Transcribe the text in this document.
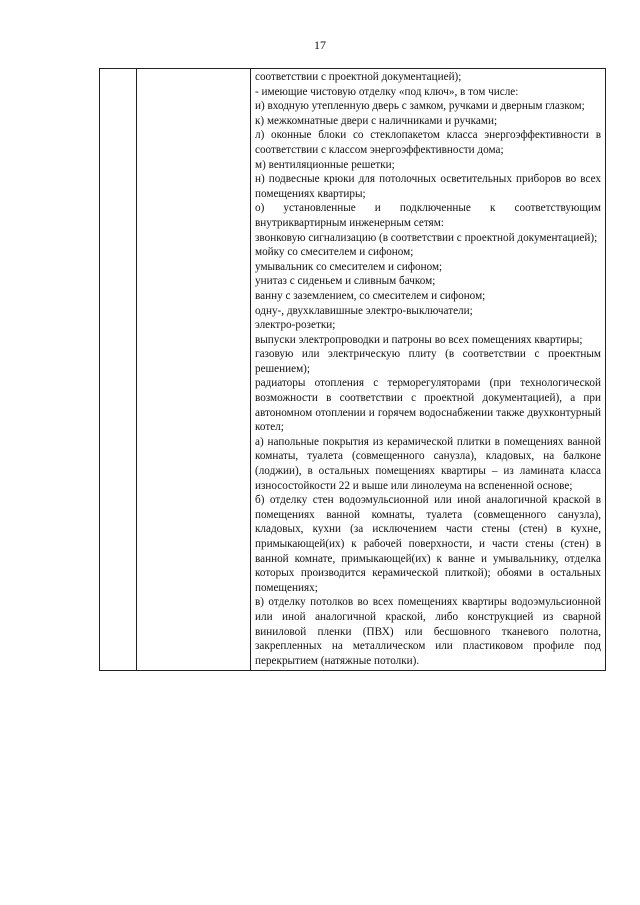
17

соответствии с проектной документацией);

- имеющие чистовую отделку «под ключ», в том числе:

и) входную утепленную дверь с замком, ручками и дверным глазком;

к) межкомнатные двери с наличниками и ручками;

л) оконные блоки со стеклопакетом класса энергоэффективности в соответствии с классом энергоэффективности дома;

м) вентиляционные решетки;

н) подвесные крюки для потолочных осветительных приборов во всех помещениях квартиры;

о) установленные и подключенные к соответствующим внутриквартирным инженерным сетям:

звонковую сигнализацию (в соответствии с проектной документацией);

мойку со смесителем и сифоном;

умывальник со смесителем и сифоном;

унитаз с сиденьем и сливным бачком;

ванну с заземлением, со смесителем и сифоном;

одну-, двухклавишные электро-выключатели;

электро-розетки;

выпуски электропроводки и патроны во всех помещениях квартиры;

газовую или электрическую плиту (в соответствии с проектным решением);

радиаторы отопления с терморегуляторами (при технологической возможности в соответствии с проектной документацией), а при автономном отоплении и горячем водоснабжении также двухконтурный котел;

а) напольные покрытия из керамической плитки в помещениях ванной комнаты, туалета (совмещенного санузла), кладовых, на балконе (лоджии), в остальных помещениях квартиры – из ламината класса износостойкости 22 и выше или линолеума на вспененной основе;

б) отделку стен водоэмульсионной или иной аналогичной краской в помещениях ванной комнаты, туалета (совмещенного санузла), кладовых, кухни (за исключением части стены (стен) в кухне, примыкающей(их) к рабочей поверхности, и части стены (стен) в ванной комнате, примыкающей(их) к ванне и умывальнику, отделка которых производится керамической плиткой); обоями в остальных помещениях;

в) отделку потолков во всех помещениях квартиры водоэмульсионной или иной аналогичной краской, либо конструкцией из сварной виниловой пленки (ПВХ) или бесшовного тканевого полотна, закрепленных на металлическом или пластиковом профиле под перекрытием (натяжные потолки).
